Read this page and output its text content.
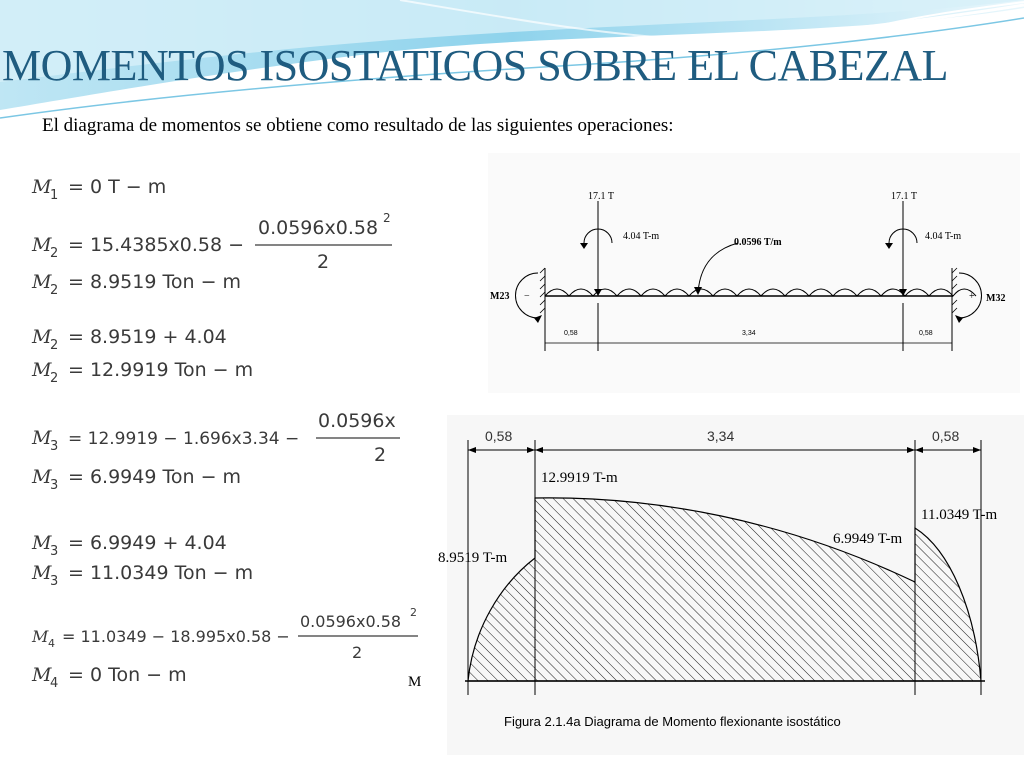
MOMENTOS ISOSTATICOS SOBRE EL CABEZAL
El diagrama de momentos se obtiene como resultado de las siguientes operaciones:
M
1 = 0 T − m
M
2 = 15.4385x0.58 −
0.0596x0.58 2
2
M
2 = 8.9519 Ton − m
M
2 = 8.9519 + 4.04
M
2 = 12.9919 Ton − m
M
3 = 12.9919 − 1.696x3.34 −
0.0596x
2
M
3 = 6.9949 Ton − m
M
3 = 6.9949 + 4.04
M
3 = 11.0349 Ton − m
M 4 = 11.0349 − 18.995x0.58 −
0.0596x0.58 2
2
M
4 = 0 Ton − m
17.1 T	17.1 T
4.04 T-m	4.04 T-m
0.0596 T/m
M23	M32
−	+
0,58	3,34	0,58
0,58	3,34	0,58
8.9519 T-m
12.9919 T-m
6.9949 T-m
11.0349 T-m
M
Figura 2.1.4a Diagrama de Momento flexionante isostático
